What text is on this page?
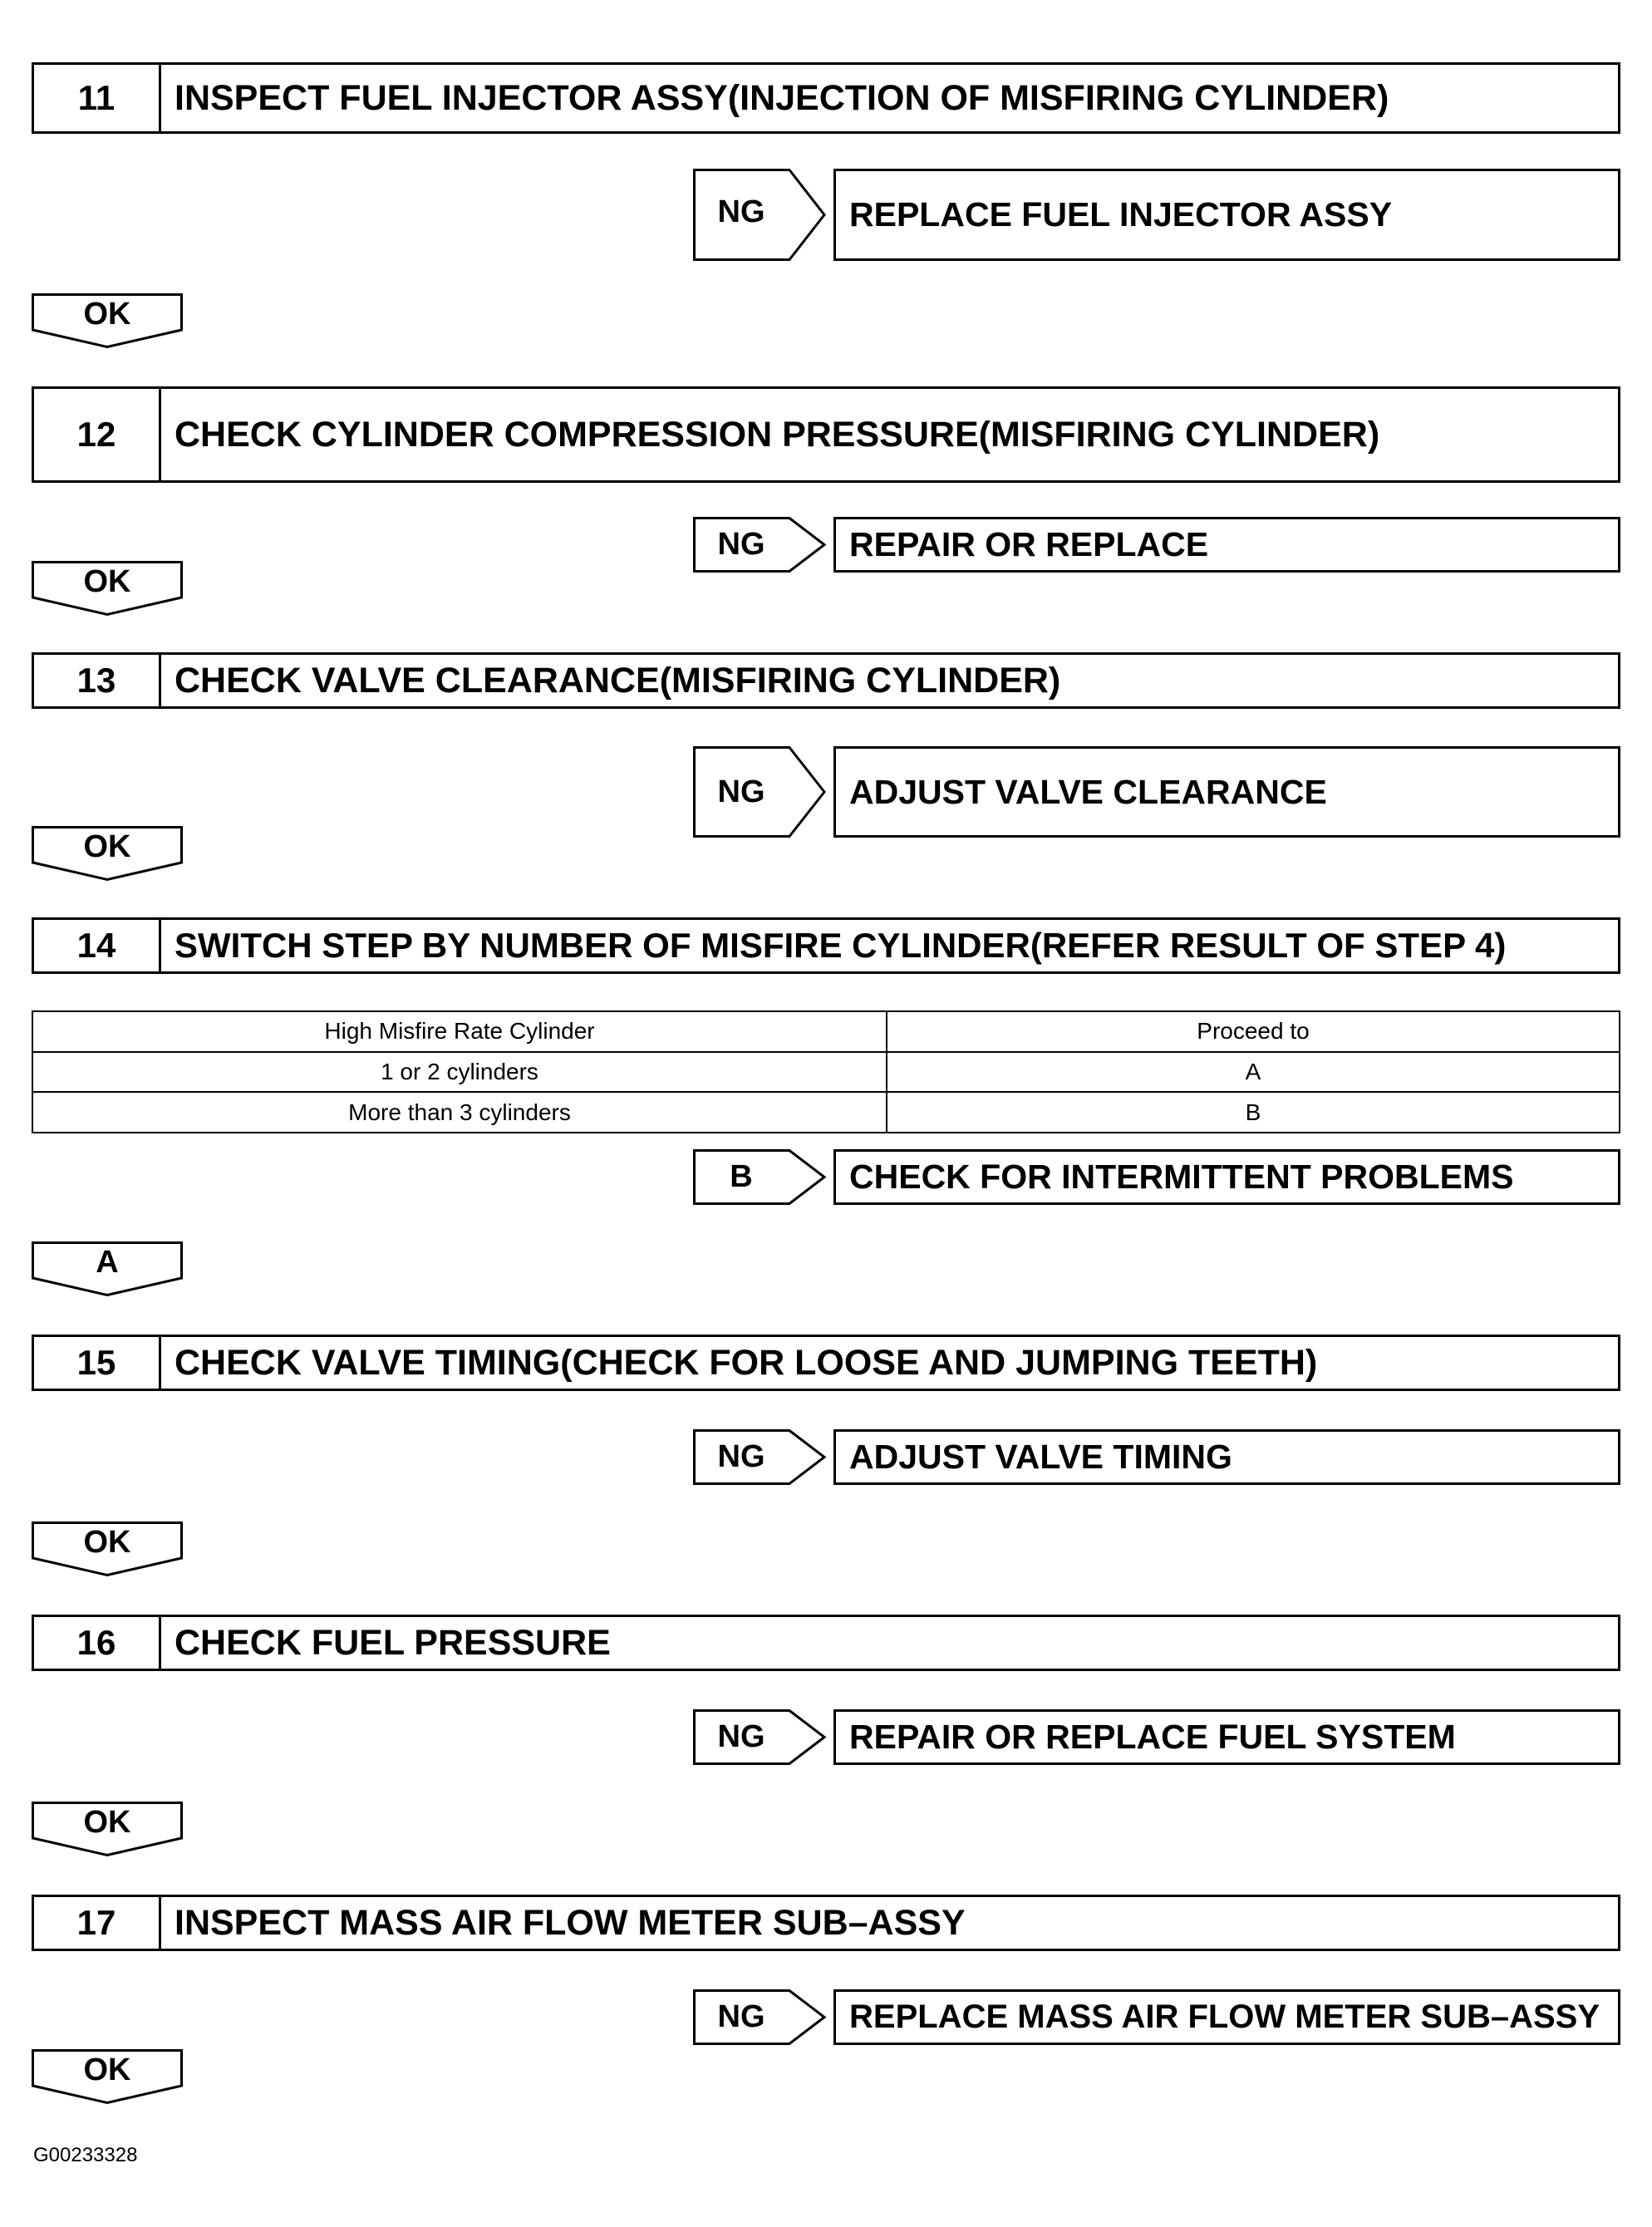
11	INSPECT FUEL INJECTOR ASSY(INJECTION OF MISFIRING CYLINDER)
NG	REPLACE FUEL INJECTOR ASSY
OK
12	CHECK CYLINDER COMPRESSION PRESSURE(MISFIRING CYLINDER)
NG	REPAIR OR REPLACE
OK
13	CHECK VALVE CLEARANCE(MISFIRING CYLINDER)
NG	ADJUST VALVE CLEARANCE
OK
14	SWITCH STEP BY NUMBER OF MISFIRE CYLINDER(REFER RESULT OF STEP 4)
High Misfire Rate Cylinder	Proceed to
1 or 2 cylinders	A
More than 3 cylinders	B
B	CHECK FOR INTERMITTENT PROBLEMS
A
15	CHECK VALVE TIMING(CHECK FOR LOOSE AND JUMPING TEETH)
NG	ADJUST VALVE TIMING
OK
16	CHECK FUEL PRESSURE
NG	REPAIR OR REPLACE FUEL SYSTEM
OK
17	INSPECT MASS AIR FLOW METER SUB–ASSY
NG	REPLACE MASS AIR FLOW METER SUB–ASSY
OK
G00233328
